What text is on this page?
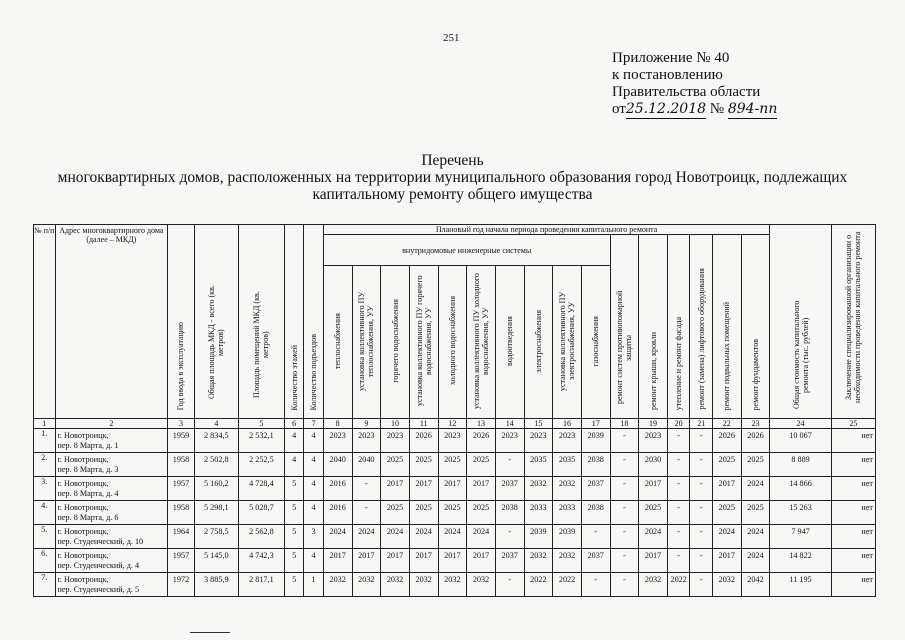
251
Приложение № 40
к постановлению
Правительства области
от25.12.2018 № 894-пп
Перечень
многоквартирных домов, расположенных на территории муниципального образования город Новотроицк, подлежащих
капитальному ремонту общего имущества
№ п/п	Адрес многоквартирного дома (далее – МКД)	Год ввода в эксплуатацию	Общая площадь МКД - всего (кв. метров)	Площадь помещений МКД (кв. метров)	Количество этажей	Количество подъездов	Плановый год начала периода проведения капитального ремонта																Общая стоимость капитального ремонта (тыс. рублей)	Заключение специализированной организации о необходимости проведения капитального ремонта
							внутридомовые инженерные системы										ремонт систем противопожарной защиты	ремонт крыши, кровли	утепление и ремонт фасада	ремонт (замена) лифтового оборудования	ремонт подвальных помещений	ремонт фундаментов		
							теплоснабжения	установка коллективного ПУ теплоснабжения, УУ	горячего водоснабжения	установка коллективного ПУ горячего водоснабжения, УУ	холодного водоснабжения	установка коллективного ПУ холодного водоснабжения, УУ	водоотведения	электроснабжения	установка коллективного ПУ электроснабжения, УУ	газоснабжения								
1	2	3	4	5	6	7	8	9	10	11	12	13	14	15	16	17	18	19	20	21	22	23	24	25
1.	г. Новотроицк,
пер. 8 Марта, д. 1	1959	2 834,5	2 532,1	4	4	2023	2023	2023	2026	2023	2026	2023	2023	2023	2039	-	2023	-	-	2026	2026	10 067	нет
2.	г. Новотроицк,
пер. 8 Марта, д. 3	1958	2 502,8	2 252,5	4	4	2040	2040	2025	2025	2025	2025	-	2035	2035	2038	-	2030	-	-	2025	2025	8 889	нет
3.	г. Новотроицк,
пер. 8 Марта, д. 4	1957	5 160,2	4 728,4	5	4	2016	-	2017	2017	2017	2017	2037	2032	2032	2037	-	2017	-	-	2017	2024	14 866	нет
4.	г. Новотроицк,
пер. 8 Марта, д. 6	1958	5 298,1	5 028,7	5	4	2016	-	2025	2025	2025	2025	2038	2033	2033	2038	-	2025	-	-	2025	2025	15 263	нет
5.	г. Новотроицк,
пер. Студенческий, д. 10	1964	2 758,5	2 562,8	5	3	2024	2024	2024	2024	2024	2024	-	2039	2039	-	-	2024	-	-	2024	2024	7 947	нет
6.	г. Новотроицк,
пер. Студенческий, д. 4	1957	5 145,0	4 742,3	5	4	2017	2017	2017	2017	2017	2017	2037	2032	2032	2037	-	2017	-	-	2017	2024	14 822	нет
7.	г. Новотроицк,
пер. Студенческий, д. 5	1972	3 885,9	2 817,1	5	1	2032	2032	2032	2032	2032	2032	-	2022	2022	-	-	2032	2022	-	2032	2042	11 195	нет
